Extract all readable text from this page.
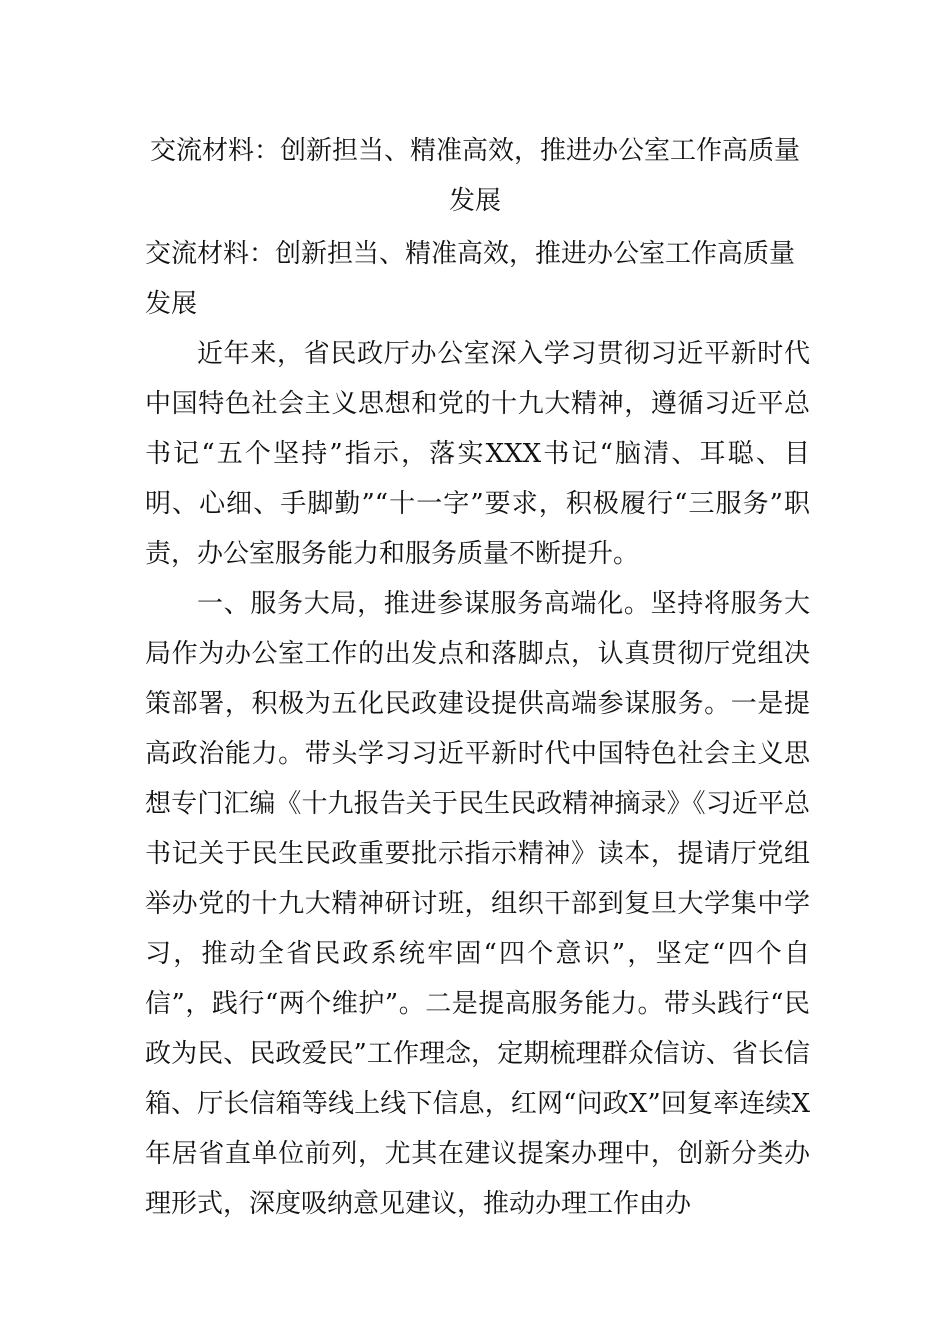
交流材料：创新担当、精准高效，推进办公室工作高质量发展
交流材料：创新担当、精准高效，推进办公室工作高质量发展

近年来，省民政厅办公室深入学习贯彻习近平新时代中国特色社会主义思想和党的十九大精神，遵循习近平总书记“五个坚持”指示，落实XXX书记“脑清、耳聪、目明、心细、手脚勤”“十一字”要求，积极履行“三服务”职责，办公室服务能力和服务质量不断提升。

一、服务大局，推进参谋服务高端化。坚持将服务大局作为办公室工作的出发点和落脚点，认真贯彻厅党组决策部署，积极为五化民政建设提供高端参谋服务。一是提高政治能力。带头学习习近平新时代中国特色社会主义思想专门汇编《十九报告关于民生民政精神摘录》《习近平总书记关于民生民政重要批示指示精神》读本，提请厅党组举办党的十九大精神研讨班，组织干部到复旦大学集中学习，推动全省民政系统牢固“四个意识”，坚定“四个自信”，践行“两个维护”。二是提高服务能力。带头践行“民政为民、民政爱民”工作理念，定期梳理群众信访、省长信箱、厅长信箱等线上线下信息，红网“问政X”回复率连续X年居省直单位前列，尤其在建议提案办理中，创新分类办理形式，深度吸纳意见建议，推动办理工作由办
